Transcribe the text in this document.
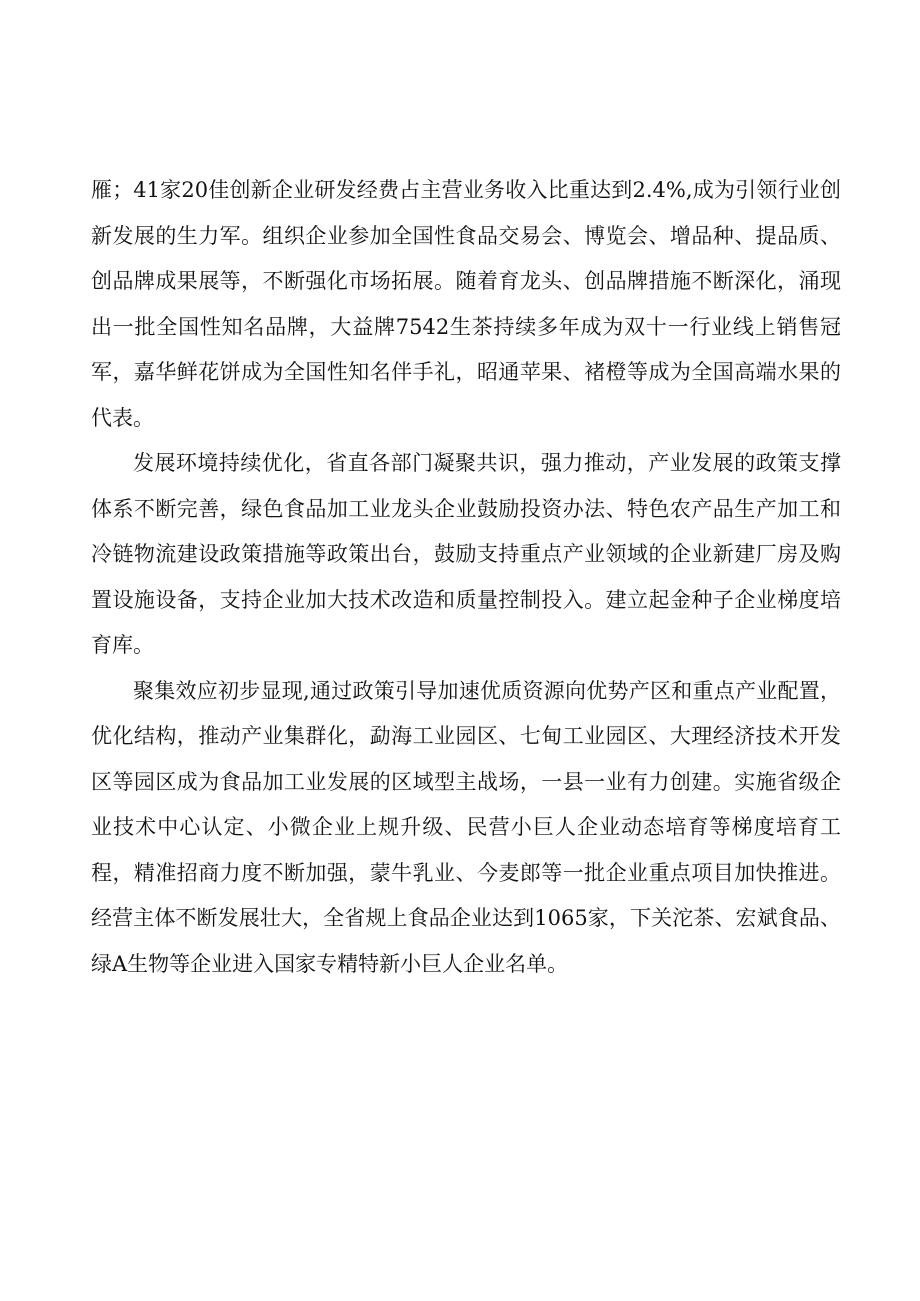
雁；41家20佳创新企业研发经费占主营业务收入比重达到2.4%,成为引领行业创新发展的生力军。组织企业参加全国性食品交易会、博览会、增品种、提品质、创品牌成果展等，不断强化市场拓展。随着育龙头、创品牌措施不断深化，涌现出一批全国性知名品牌，大益牌7542生茶持续多年成为双十一行业线上销售冠军，嘉华鲜花饼成为全国性知名伴手礼，昭通苹果、褚橙等成为全国高端水果的代表。

发展环境持续优化，省直各部门凝聚共识，强力推动，产业发展的政策支撑体系不断完善，绿色食品加工业龙头企业鼓励投资办法、特色农产品生产加工和冷链物流建设政策措施等政策出台，鼓励支持重点产业领域的企业新建厂房及购置设施设备，支持企业加大技术改造和质量控制投入。建立起金种子企业梯度培育库。

聚集效应初步显现,通过政策引导加速优质资源向优势产区和重点产业配置，优化结构，推动产业集群化，勐海工业园区、七甸工业园区、大理经济技术开发区等园区成为食品加工业发展的区域型主战场，一县一业有力创建。实施省级企业技术中心认定、小微企业上规升级、民营小巨人企业动态培育等梯度培育工程，精准招商力度不断加强，蒙牛乳业、今麦郎等一批企业重点项目加快推进。经营主体不断发展壮大，全省规上食品企业达到1065家，下关沱茶、宏斌食品、绿A生物等企业进入国家专精特新小巨人企业名单。
